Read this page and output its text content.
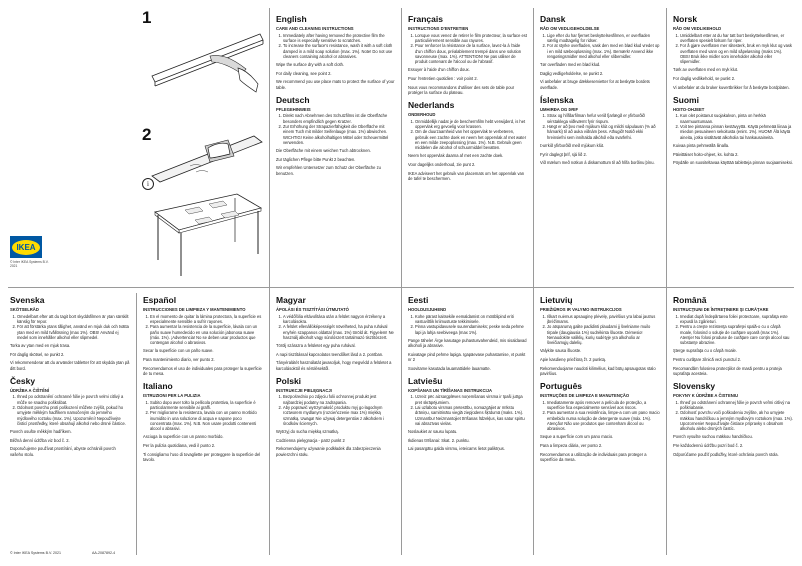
1
2
i
IKEA
© Inter IKEA Systems B.V. 2021
English
CARE AND CLEANING INSTRUCTIONS
1. Immediately after having removed the protective film the surface is especially sensitive to scratches.
2. To increase the surface's resistance, wash it with a soft cloth damped in a mild soap solution (max. 1%). Note! Do not use cleaners containing alcohol or abrasives.

Wipe the surface dry with a soft cloth.

For daily cleaning, see point 2.

We recommend you use place mats to protect the surface of your table.

Deutsch
PFLEGEHINWEIS
1. Direkt nach Abnehmen des Schutzfilms ist die Oberfläche besonders empfindlich gegen Kratzer.
2. Zur Erhöhung der Strapazierfähigkeit die Oberfläche mit einem Tuch mit milder Seifenlauge (max. 1%) abwischen. WICHTIG! Keine alkoholhaltigen Mittel oder Scheuermittel verwenden.

Die Oberfläche mit einem weichen Tuch abtrocknen.

Zur täglichen Pflege bitte Punkt 2 beachten.

Wir empfehlen Untersetzer zum Schutz der Oberfläche zu benutzen.

Français
INSTRUCTIONS D'ENTRETIEN
1. Lorsque vous venez de retirer le film protecteur, la surface est particulièrement sensible aux rayures.
2. Pour renforcer la résistance de la surface, lavez-la à l'aide d'un chiffon doux, préalablement trempé dans une solution savonneuse (max. 1%). ATTENTION! Ne pas utiliser de produit contenant de l'alcool ou de l'abrasif.

Essuyer à l'aide d'un chiffon doux.

Pour l'entretien quotidien : voir point 2.

Nous vous recommandons d'utiliser des sets de table pour protéger la surface du plateau.

Nederlands
ONDERHOUD
1. Onmiddellijk nadat je de beschermfilm hebt verwijderd, is het oppervlak erg gevoelig voor krassen.
2. Om de duurzaamheid van het oppervlak te verbeteren, gebruik een zachte doek en neem het oppervlak af met water en een milde zeepoplossing (max. 1%). N.B. Gebruik geen middelen die alcohol of schuurmiddel bevatten.

Neem het oppervlak daarna af met een zachte doek.

Voor dagelijks onderhoud, zie punt 2.

IKEA adviseert het gebruik van placemats om het oppervlak van de tafel te beschermen.

Dansk
RÅD OM VEDLIGEHOLDELSE
1. Lige efter du har fjernet beskyttelsesfilmen, er overfladen særlig modtagelig for ridser.
2. For at styrke overfladen, vask den med en blød klud vredet op i en mild sæbeopløsning (max. 1%). Bemærk! Anvend ikke rengøringsmidler med alkohol eller slibemidler.

Tør overfladen med en blød klud.

Daglig vedligeholdelse, se punkt 2.

Vi anbefaler at bruge dækkeservietter for at beskytte bordets overflade.

Íslenska
UMHIRÐA OG ÞRIF
1. Strax og hlífðarfilman hefur verið fjarlægð er yfirborðið sérstaklega viðkvæmt fyrir rispum.
2. Hægt er að þvo með mjúkum klút og mildri sápulausn (% að hámarki) til að auka viðnám þess. Athugið! Notið ekki hreinsiefni sem innihalda alkóhól eða svarfefni.

Þurrkið yfirborðið með mjúkum klút.

Fyrir daglegt þrif, sjá lið 2.

Við mælum með notkun á diskamottum til að hlífa borðinu þínu.

Norsk
RÅD OM VEDLIKEHOLD
1. Umiddelbart etter at du har tatt bort beskyttelsesfilmen, er overflaten spesielt følsom for riper.
2. For å gjøre overflaten mer slitesterk, bruk en myk klut og vask overflaten med vann og en mild såpeløsning (maks 1%). OBS! Bruk ikke midler som inneholder alkohol eller slipemidler.

Tørk av overflaten med en myk klut.

For daglig vedlikehold, se punkt 2.

Vi anbefaler at du bruker kuvertbrikker for å beskytte bordplaten.

Suomi
HOITO-OHJEET
1. Kun olet poistanut suojakalvon, pinta on herkkä naarmuuntumaan.
2. Voit tee pintansa pinnan kestävyyttä. Käytä pehmeää liinaa ja miedon pesuaineen sekoitusta (enint. 1%). HUOM! Älä käytä aineita, jotka sisältävät alkoholia tai hankausaineita.

Kuivaa pinta pehmeällä liinalla.

Päivittäiset hoito-ohjeet, ks. kohta 2.

Pöydälle on suositeltavaa käyttää tabletteja pinnan suojaamiseksi.

Svenska
SKÖTSELRÅD
1. Omedelbart efter att du tagit bort skyddsfilmen är ytan särskilt känslig för repor.
2. För att förstärka ytans tålighet, använd en mjuk duk och tvätta ytan med en mild tvållösning (max 1%). OBS! Använd ej medel som innehåller alkohol eller slipmedel.

Torka av ytan med en mjuk trasa.

För daglig skötsel, se punkt 2.

Vi rekommenderar att du använder tabletter för att skydda ytan på ditt bord.

Česky
ÚDRŽBA A ČIŠTĚNÍ
1. Ihned po odstranění ochranné fólie je povrch velmi citlivý a může se snadno poškrábat.
2. Odolnost povrchu proti poškození můžete zvýšit, pokud ho umyjete měkkým hadříkem namočeným do jemného mýdlového roztoku (max. 1%). Upozornění! Nepoužívejte čisticí prostředky, které obsahují alkohol nebo drsné částice.

Povrch osušte měkkým hadříkem.

Běžná denní údržba viz bod č. 2.

Doporučujeme používat prostírání, abyste ochránili povrch vašeho stolu.

Español
INSTRUCCIONES DE LIMPIEZA Y MANTENIMIENTO
1. En el momento de quitar la lámina protectora, la superficie es especialmente sensible a sufrir rayones.
2. Para aumentar la resistencia de la superficie, lávala con un paño suave humedecido en una solución jabonosa suave (máx. 1%). ¡Advertencia! No se deben usar productos que contengan alcohol o abrasivos.

Secar la superficie con un paño suave.

Para mantenimiento diario, ver punto 2.

Recomendamos el uso de individuales para proteger la superficie de tu mesa.

Italiano
ISTRUZIONI PER LA PULIZIA
1. Subito dopo aver tolto la pellicola protettiva, la superficie è particolarmente sensibile ai graffi.
2. Per migliorarne la resistenza, lavala con un panno morbido inumidito in una soluzione di acqua e sapone poco concentrata (max. 1%). N.B. Non usare prodotti contenenti alcool o abrasivi.

Asciuga la superficie con un panno morbido.

Per la pulizia quotidiana, vedi il punto 2.

Ti consigliamo l'uso di tovagliette per proteggere la superficie del tavolo.

Magyar
ÁPOLÁSI ÉS TISZTÍTÁSI ÚTMUTATÓ
1. A védőfólia eltávolítása után a felület nagyon érzékeny a karcolásokra.
2. A felület ellenállóképességét növelheted, ha puha ruhával enyhén szappanos oldattal (max. 1%) töröld át. Figyelem! Ne használj alkoholt vagy súrolószert tartalmazó tisztítószert.

Törölj szárazra a felületet egy puha ruhával.

A napi tisztítással kapcsolatos teendőket lásd a 2. pontban.

Tányéralátét használatát javasoljuk, hogy megvédd a felületet a karcolásoktól és sérülésektől.

Polski
INSTRUKCJE PIELĘGNACJI
1. Bezpośrednio po zdjęciu folii ochronnej produkt jest najbardziej podatny na zadrapania.
2. Aby poprawić wytrzymałość produktu myj go łagodnym roztworem mydlanym (rozcieńczenie max 1%) miękką szmatką. Uwaga! Nie używaj detergentów z alkoholem i środków ściernych.

Wytrzyj do sucha miękką szmatką.

Codzienna pielęgnacja - patrz punkt 2

Rekomendujemy używanie podkładek dla zabezpieczenia powierzchni stołu.

Eesti
HOOLDUSJUHEND
1. Kohe pärast kaitsekile eemaldamist on mööblipind eriti vastuvõtlik kriimustuste tekkimisele.
2. Pinna vastupidavusele suurendamiseks; peske seda pehme lapi ja lahja seebiveega (max 1%).

Pange tähele! Ärge kasutage puhastusvahendeid, mis sisaldavad alkoholi ja abrasive.

Kuivatage pind pehme lapiga. Igapäevase puhastamise, vt punkt nr 2

Soovitame kasutada lauamattidele lauamatte.

Latviešu
KOPŠANAS UN TĪRĪŠANAS INSTRUKCIJA
1. Uzreiz pēc aizsargplēves noņemšanas virsma ir īpaši jutīga pret skrāpējumiem.
2. Lai uzlabotu virsmas pretestību, nomazgājiet ar mīkstu drāniņu, samitrinātu vieglā ziepjūdens šķīdumā (maks. 1%). Uzmanību! Neizmantojiet tīrīšanas līdzekļus, kas satur spirtu vai abrazīvas vielas.

Noslaukiet ar sausu lupatu.

Ikdienas tīrīšanai: Skat. 2. punktu.

Lai pasargātu galda virsmu, ieteicams lietot paliktņus.

Lietuvių
PRIEŽIŪROS IR VALYMO INSTRUKCIJOS
1. Iškart nuėmus apsauginę plėvelę, paviršius yra labai jautrus įbrėžimams.
2. Jo atsparumą galite padidinti plaudami jį švelniame muilo tirpale (daugiausia 1%) sudrėkinta šluoste. Dėmesio! Nenaudokite valiklių, kurių sudėtyje yra alkoholio ar šveičiamųjų dalelių.

Valykite sausa šluoste.

Apie kasdienę priežiūrą žr. 2 punktą.

Rekomenduojame naudoti kilimėlius, kad būtų apsaugotas stalo paviršius.

Português
INSTRUÇÕES DE LIMPEZA E MANUTENÇÃO
1. Imediatamente após remover a película de proteção, a superfície fica especialmente sensível aos riscos.
2. Para aumentar a sua resistência, limpe-a com um pano macio embebido numa solução de detergente suave (máx. 1%). Atenção! Não use produtos que contenham álcool ou abrasivos.

Seque a superfície com um pano macio.

Para a limpeza diária, ver ponto 2.

Recomendamos a utilização de individuais para proteger a superfície da mesa.

Română
INSTRUCŢIUNI DE ÎNTREŢINERE ŞI CURĂŢARE
1. Imediat după îndepărtarea foliei protectoare, suprafaţa este expusă la zgârieturi.
2. Pentru a creşte rezistenţa suprafeţei spală-o cu o cârpă moale, folosind o soluţie de curăţare uşoară (max 1%). Atenţie! Nu folosi produse de curăţare care conţin alcool sau substanţe abrazive.

Şterge suprafaţa cu o cârpă moale.

Pentru curăţare zilnică vezi punctul 2.

Recomandăm folosirea protecţiilor de masă pentru a proteja suprafaţa acesteia.

Slovensky
POKYNY K ÚDRŽBE A ČISTENIU
1. Ihneď po odstránení ochrannej fólie je povrch veľmi citlivý na poškriabanie.
2. Odolnosť povrchu voči poškodeniu zvýšite, ak ho umyjete mäkkou handričkou a jemným mydlovým roztokom (max. 1%). Upozornenie! Nepoužívajte čistiace prípravky s obsahom alkoholu alebo drsných častíc.

Povrch vysušte suchou mäkkou handričkou.

Pre každodennú údržbu pozri bod č. 2.

Odporúčame použiť podložky, ktoré ochránia povrch stola.

© Inter IKEA Systems B.V. 2021	AA-2087892-4
